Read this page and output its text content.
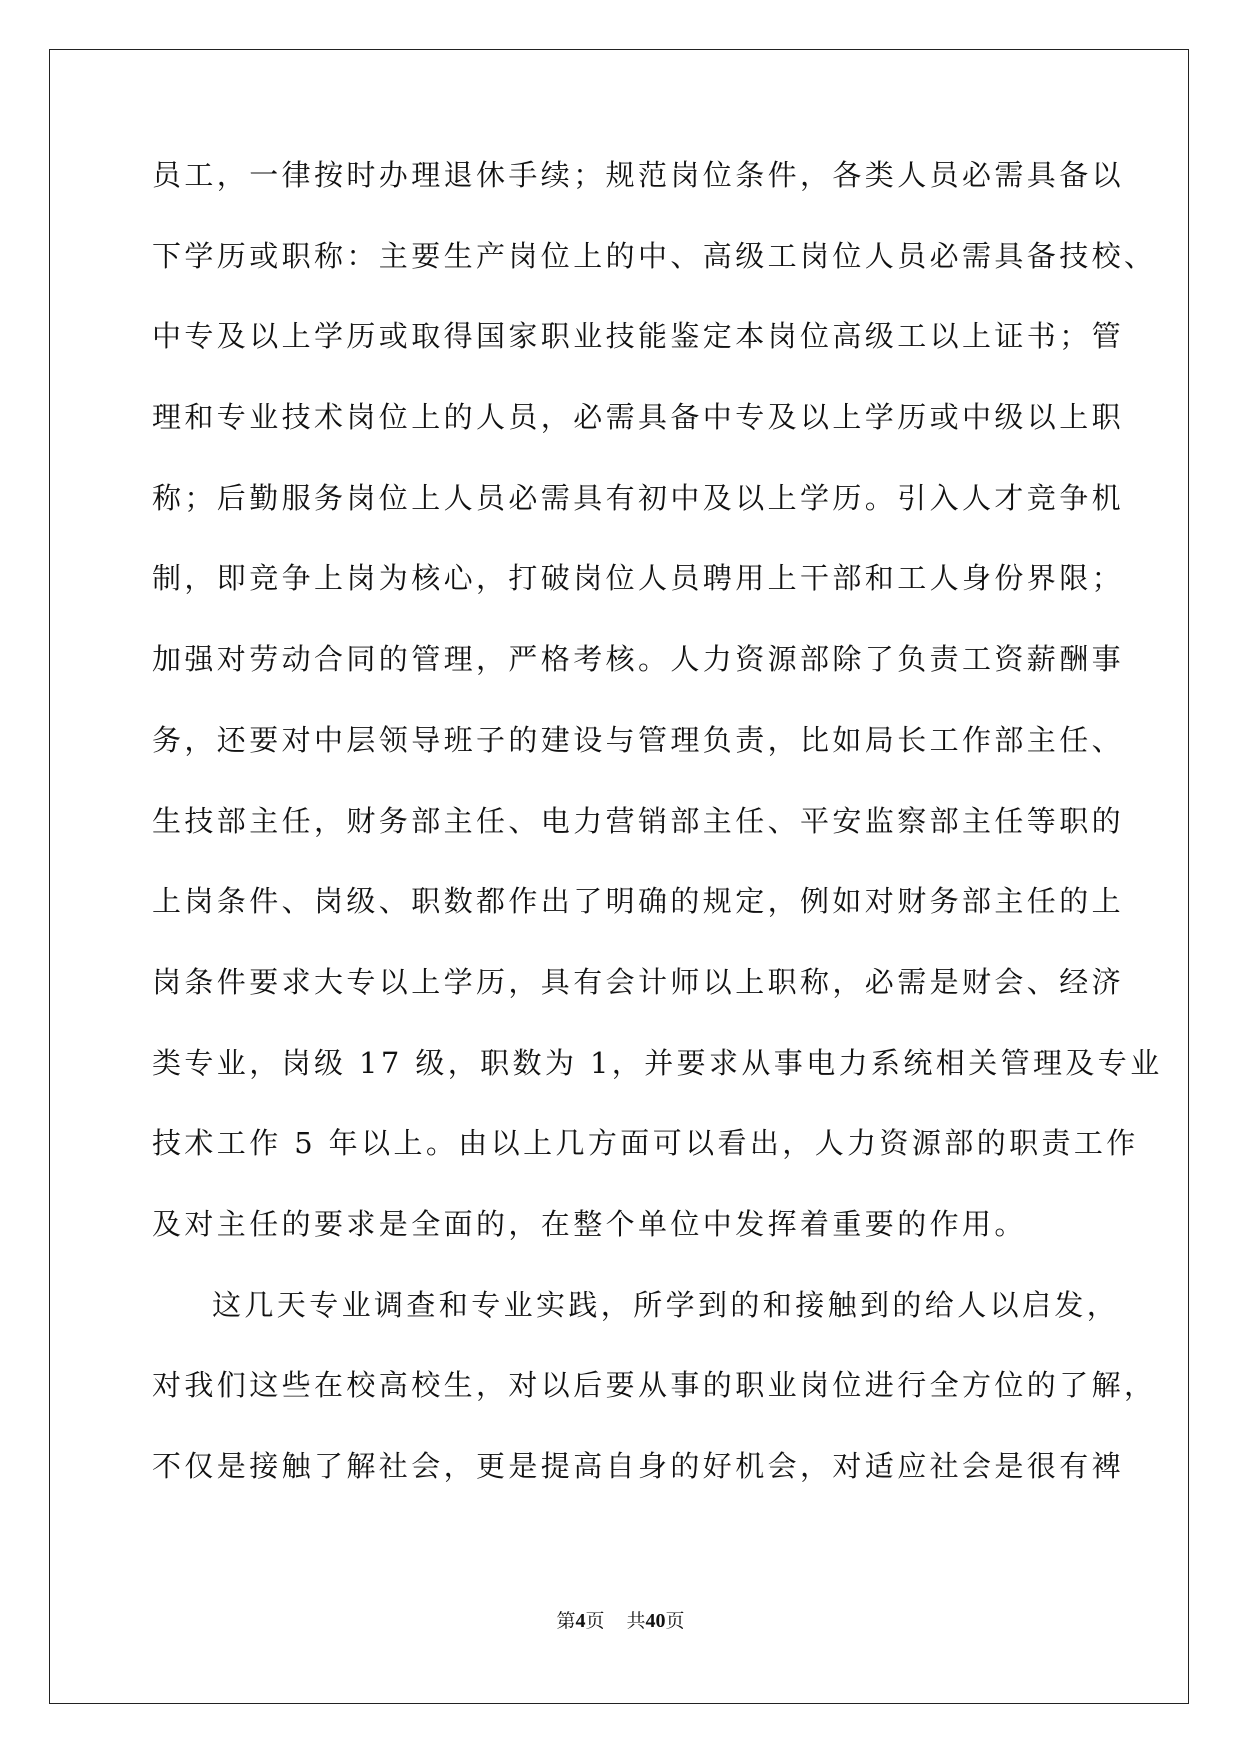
员工，一律按时办理退休手续；规范岗位条件，各类人员必需具备以
下学历或职称：主要生产岗位上的中、高级工岗位人员必需具备技校、
中专及以上学历或取得国家职业技能鉴定本岗位高级工以上证书；管
理和专业技术岗位上的人员，必需具备中专及以上学历或中级以上职
称；后勤服务岗位上人员必需具有初中及以上学历。引入人才竞争机
制，即竞争上岗为核心，打破岗位人员聘用上干部和工人身份界限；
加强对劳动合同的管理，严格考核。人力资源部除了负责工资薪酬事
务，还要对中层领导班子的建设与管理负责，比如局长工作部主任、
生技部主任，财务部主任、电力营销部主任、平安监察部主任等职的
上岗条件、岗级、职数都作出了明确的规定，例如对财务部主任的上
岗条件要求大专以上学历，具有会计师以上职称，必需是财会、经济
类专业，岗级 17 级，职数为 1，并要求从事电力系统相关管理及专业
技术工作 5 年以上。由以上几方面可以看出，人力资源部的职责工作
及对主任的要求是全面的，在整个单位中发挥着重要的作用。
这几天专业调查和专业实践，所学到的和接触到的给人以启发，
对我们这些在校高校生，对以后要从事的职业岗位进行全方位的了解，
不仅是接触了解社会，更是提高自身的好机会，对适应社会是很有裨
第4页 共40页
